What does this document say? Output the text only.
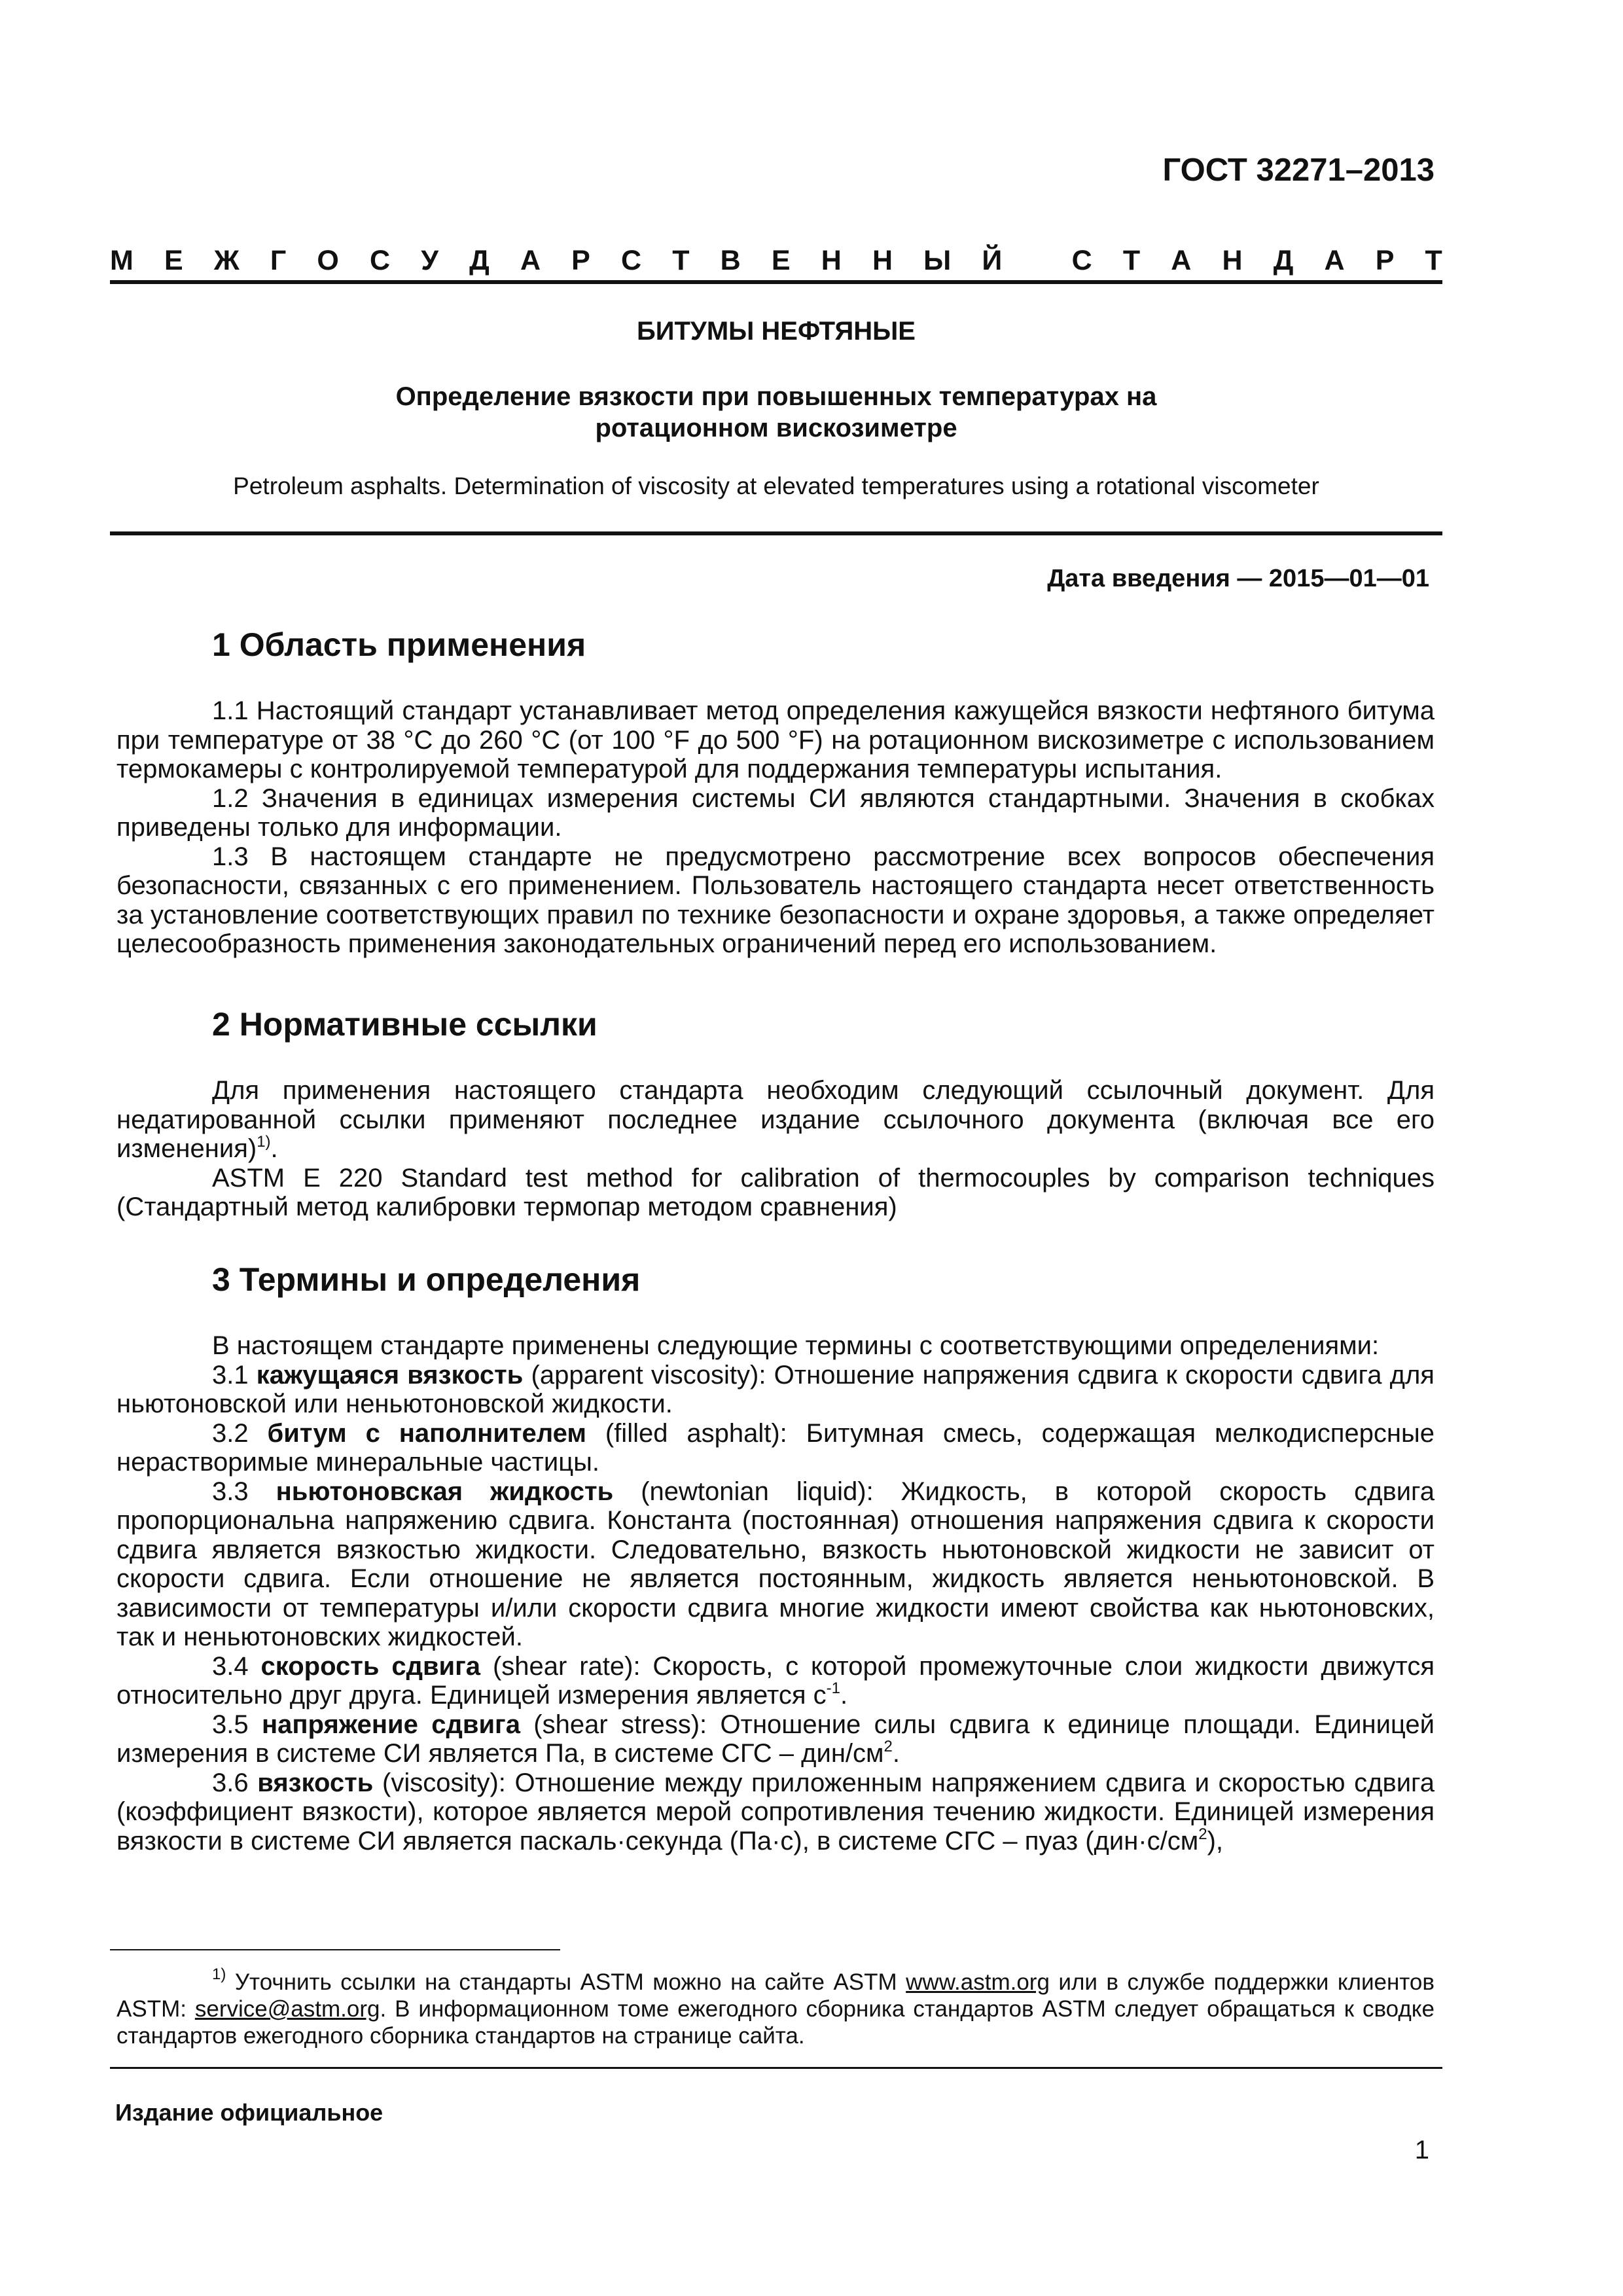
ГОСТ 32271–2013
М Е Ж Г О С У Д А Р С Т В Е Н Н Ы Й
С Т А Н Д А Р Т
БИТУМЫ НЕФТЯНЫЕ
Определение вязкости при повышенных температурах на
ротационном вискозиметре
Petroleum asphalts. Determination of viscosity at elevated temperatures using a rotational viscometer
Дата введения — 2015—01—01
1 Область применения
1.1 Настоящий стандарт устанавливает метод определения кажущейся вязкости нефтяного битума при температуре от 38 °С до 260 °С (от 100 °F до 500 °F) на ротационном вискозиметре с использованием термокамеры с контролируемой температурой для поддержания температуры испытания.
1.2 Значения в единицах измерения системы СИ являются стандартными. Значения в скобках приведены только для информации.
1.3 В настоящем стандарте не предусмотрено рассмотрение всех вопросов обеспечения безопасности, связанных с его применением. Пользователь настоящего стандарта несет ответственность за установление соответствующих правил по технике безопасности и охране здоровья, а также определяет целесообразность применения законодательных ограничений перед его использованием.
2 Нормативные ссылки
Для применения настоящего стандарта необходим следующий ссылочный документ. Для недатированной ссылки применяют последнее издание ссылочного документа (включая все его изменения)$^{1)}$.
ASTM E 220 Standard test method for calibration of thermocouples by comparison techniques (Стандартный метод калибровки термопар методом сравнения)
3 Термины и определения
В настоящем стандарте применены следующие термины с соответствующими определениями:
3.1 кажущаяся вязкость (apparent viscosity): Отношение напряжения сдвига к скорости сдвига для ньютоновской или неньютоновской жидкости.
3.2 битум с наполнителем (filled asphalt): Битумная смесь, содержащая мелкодисперсные нерастворимые минеральные частицы.
3.3 ньютоновская жидкость (newtonian liquid): Жидкость, в которой скорость сдвига пропорциональна напряжению сдвига. Константа (постоянная) отношения напряжения сдвига к скорости сдвига является вязкостью жидкости. Следовательно, вязкость ньютоновской жидкости не зависит от скорости сдвига. Если отношение не является постоянным, жидкость является неньютоновской. В зависимости от температуры и/или скорости сдвига многие жидкости имеют свойства как ньютоновских, так и неньютоновских жидкостей.
3.4 скорость сдвига (shear rate): Скорость, с которой промежуточные слои жидкости движутся относительно друг друга. Единицей измерения является $с^{-1}$.
3.5 напряжение сдвига (shear stress): Отношение силы сдвига к единице площади. Единицей измерения в системе СИ является Па, в системе СГС – дин/$см^2$.
3.6 вязкость (viscosity): Отношение между приложенным напряжением сдвига и скоростью сдвига (коэффициент вязкости), которое является мерой сопротивления течению жидкости. Единицей измерения вязкости в системе СИ является паскаль·секунда (Па·с), в системе СГС – пуаз $(дин\cdot с/см^2)$,
$^{1)}$ Уточнить ссылки на стандарты ASTM можно на сайте ASTM www.astm.org или в службе поддержки клиентов ASTM: service@astm.org. В информационном томе ежегодного сборника стандартов ASTM следует обращаться к сводке стандартов ежегодного сборника стандартов на странице сайта.
Издание официальное
1
